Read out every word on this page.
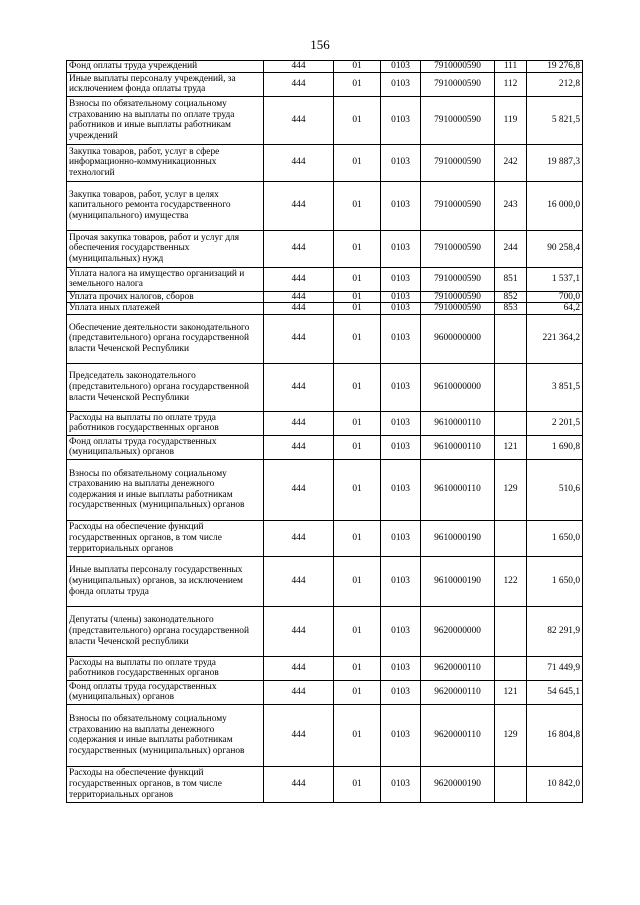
156
Фонд оплаты труда учреждений	444	01	0103	7910000590	111	19 276,8
Иные выплаты персоналу учреждений, за исключением фонда оплаты труда	444	01	0103	7910000590	112	212,8
Взносы по обязательному социальному страхованию на выплаты по оплате труда работников и иные выплаты работникам учреждений	444	01	0103	7910000590	119	5 821,5
Закупка товаров, работ, услуг в сфере информационно-коммуникационных технологий	444	01	0103	7910000590	242	19 887,3
Закупка товаров, работ, услуг в целях капитального ремонта государственного (муниципального) имущества	444	01	0103	7910000590	243	16 000,0
Прочая закупка товаров, работ и услуг для обеспечения государственных (муниципальных) нужд	444	01	0103	7910000590	244	90 258,4
Уплата налога на имущество организаций и земельного налога	444	01	0103	7910000590	851	1 537,1
Уплата прочих налогов, сборов	444	01	0103	7910000590	852	700,0
Уплата иных платежей	444	01	0103	7910000590	853	64,2
Обеспечение деятельности законодательного (представительного) органа государственной власти Чеченской Республики	444	01	0103	9600000000		221 364,2
Председатель законодательного (представительного) органа государственной власти Чеченской Республики	444	01	0103	9610000000		3 851,5
Расходы на выплаты по оплате труда работников государственных органов	444	01	0103	9610000110		2 201,5
Фонд оплаты труда государственных (муниципальных) органов	444	01	0103	9610000110	121	1 690,8
Взносы по обязательному социальному страхованию на выплаты денежного содержания и иные выплаты работникам государственных (муниципальных) органов	444	01	0103	9610000110	129	510,6
Расходы на обеспечение функций государственных органов, в том числе территориальных органов	444	01	0103	9610000190		1 650,0
Иные выплаты персоналу государственных (муниципальных) органов, за исключением фонда оплаты труда	444	01	0103	9610000190	122	1 650,0
Депутаты (члены) законодательного (представительного) органа государственной власти Чеченской республики	444	01	0103	9620000000		82 291,9
Расходы на выплаты по оплате труда работников государственных органов	444	01	0103	9620000110		71 449,9
Фонд оплаты труда государственных (муниципальных) органов	444	01	0103	9620000110	121	54 645,1
Взносы по обязательному социальному страхованию на выплаты денежного содержания и иные выплаты работникам государственных (муниципальных) органов	444	01	0103	9620000110	129	16 804,8
Расходы на обеспечение функций государственных органов, в том числе территориальных органов	444	01	0103	9620000190		10 842,0
